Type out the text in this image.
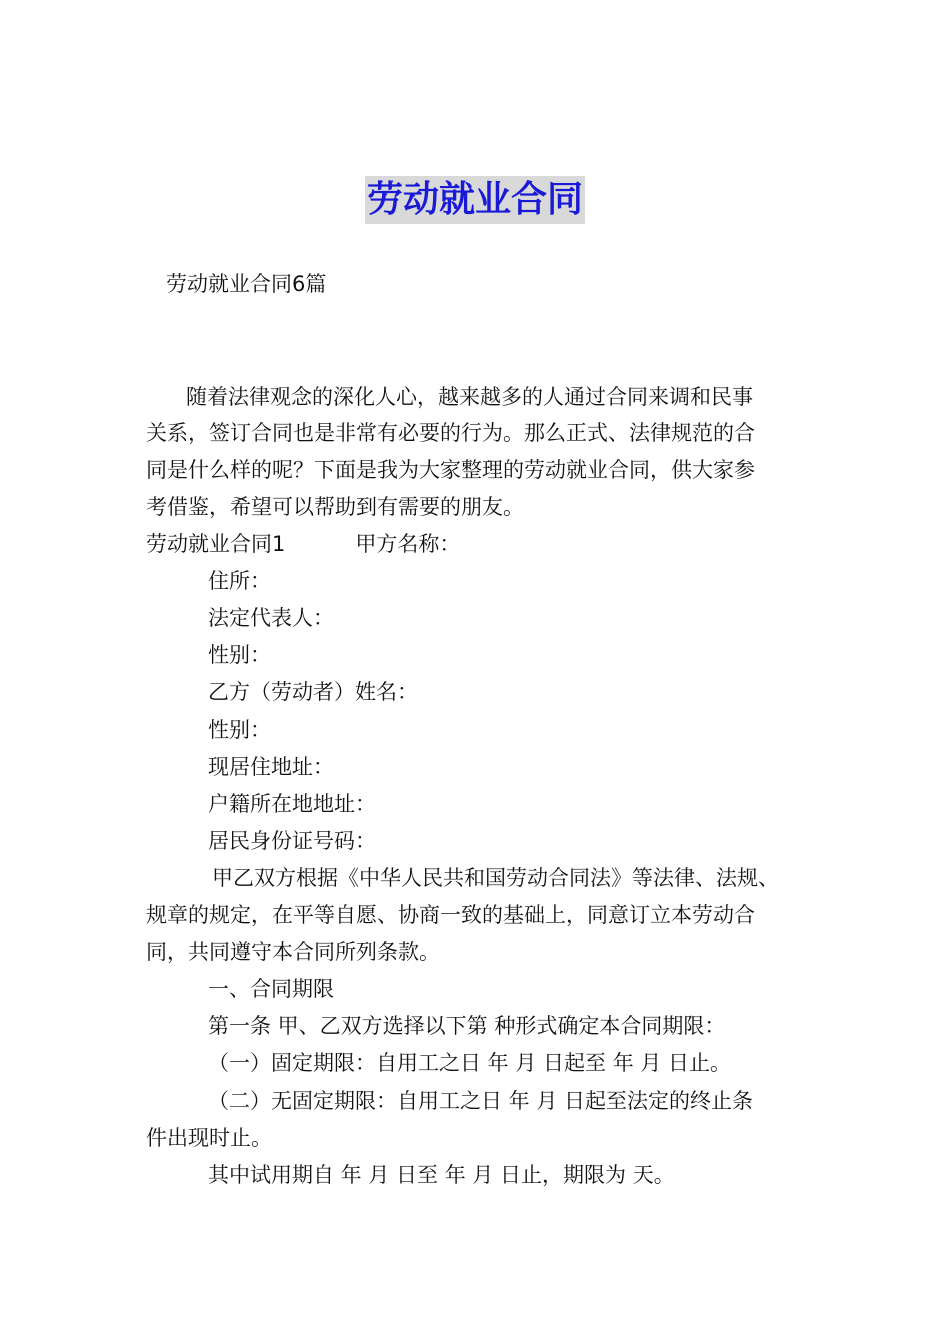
劳动就业合同
劳动就业合同6篇
随着法律观念的深化人心，越来越多的人通过合同来调和民事
关系，签订合同也是非常有必要的行为。那么正式、法律规范的合
同是什么样的呢？下面是我为大家整理的劳动就业合同，供大家参
考借鉴，希望可以帮助到有需要的朋友。
劳动就业合同1	甲方名称：
住所：
法定代表人：
性别：
乙方（劳动者）姓名：
性别：
现居住地址：
户籍所在地地址：
居民身份证号码：
甲乙双方根据《中华人民共和国劳动合同法》等法律、法规、
规章的规定，在平等自愿、协商一致的基础上，同意订立本劳动合
同，共同遵守本合同所列条款。
一、合同期限
第一条 甲、乙双方选择以下第 种形式确定本合同期限：
（一）固定期限：自用工之日 年 月 日起至 年 月 日止。
（二）无固定期限：自用工之日 年 月 日起至法定的终止条
件出现时止。
其中试用期自 年 月 日至 年 月 日止，期限为 天。
